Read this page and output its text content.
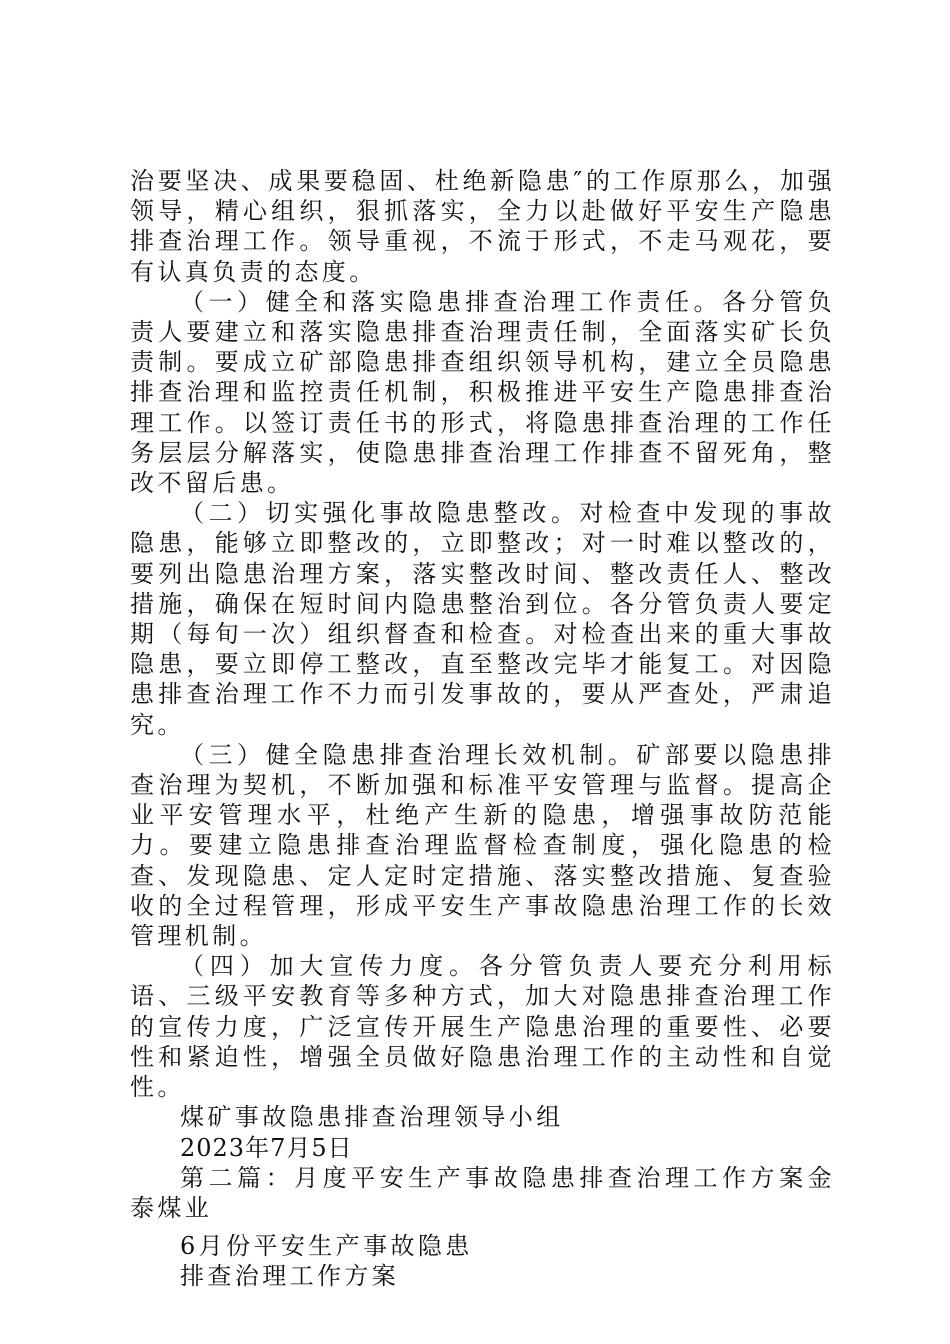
治要坚决、成果要稳固、杜绝新隐患″的工作原那么，加强领导，精心组织，狠抓落实，全力以赴做好平安生产隐患排查治理工作。领导重视，不流于形式，不走马观花，要有认真负责的态度。

（一）健全和落实隐患排查治理工作责任。各分管负责人要建立和落实隐患排查治理责任制，全面落实矿长负责制。要成立矿部隐患排查组织领导机构，建立全员隐患排查治理和监控责任机制，积极推进平安生产隐患排查治理工作。以签订责任书的形式，将隐患排查治理的工作任务层层分解落实，使隐患排查治理工作排查不留死角，整改不留后患。

（二）切实强化事故隐患整改。对检查中发现的事故隐患，能够立即整改的，立即整改；对一时难以整改的，要列出隐患治理方案，落实整改时间、整改责任人、整改措施，确保在短时间内隐患整治到位。各分管负责人要定期（每旬一次）组织督查和检查。对检查出来的重大事故隐患，要立即停工整改，直至整改完毕才能复工。对因隐患排查治理工作不力而引发事故的，要从严查处，严肃追究。

（三）健全隐患排查治理长效机制。矿部要以隐患排查治理为契机，不断加强和标准平安管理与监督。提高企业平安管理水平，杜绝产生新的隐患，增强事故防范能力。要建立隐患排查治理监督检查制度，强化隐患的检查、发现隐患、定人定时定措施、落实整改措施、复查验收的全过程管理，形成平安生产事故隐患治理工作的长效管理机制。

（四）加大宣传力度。各分管负责人要充分利用标语、三级平安教育等多种方式，加大对隐患排查治理工作的宣传力度，广泛宣传开展生产隐患治理的重要性、必要性和紧迫性，增强全员做好隐患治理工作的主动性和自觉性。

煤矿事故隐患排查治理领导小组

2023年7月5日

第二篇：月度平安生产事故隐患排查治理工作方案金泰煤业

6月份平安生产事故隐患

排查治理工作方案
